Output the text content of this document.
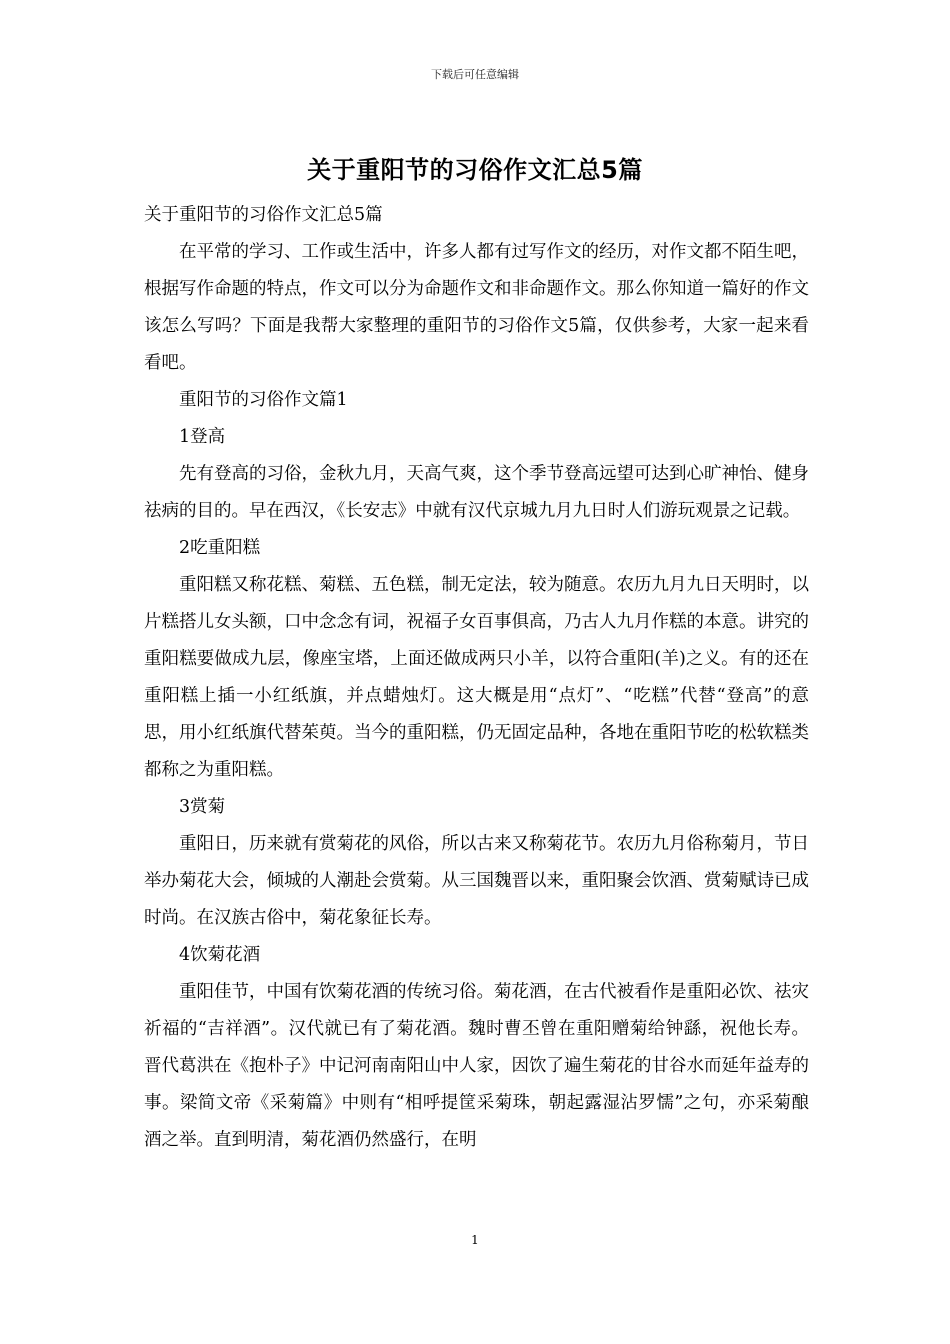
下载后可任意编辑
关于重阳节的习俗作文汇总5篇

关于重阳节的习俗作文汇总5篇

在平常的学习、工作或生活中，许多人都有过写作文的经历，对作文都不陌生吧，根据写作命题的特点，作文可以分为命题作文和非命题作文。那么你知道一篇好的作文该怎么写吗？下面是我帮大家整理的重阳节的习俗作文5篇，仅供参考，大家一起来看看吧。

重阳节的习俗作文篇1

1登高

先有登高的习俗，金秋九月，天高气爽，这个季节登高远望可达到心旷神怡、健身祛病的目的。早在西汉，《长安志》中就有汉代京城九月九日时人们游玩观景之记载。

2吃重阳糕

重阳糕又称花糕、菊糕、五色糕，制无定法，较为随意。农历九月九日天明时，以片糕搭儿女头额，口中念念有词，祝福子女百事俱高，乃古人九月作糕的本意。讲究的重阳糕要做成九层，像座宝塔，上面还做成两只小羊，以符合重阳(羊)之义。有的还在重阳糕上插一小红纸旗，并点蜡烛灯。这大概是用“点灯”、“吃糕”代替“登高”的意思，用小红纸旗代替茱萸。当今的重阳糕，仍无固定品种，各地在重阳节吃的松软糕类都称之为重阳糕。

3赏菊

重阳日，历来就有赏菊花的风俗，所以古来又称菊花节。农历九月俗称菊月，节日举办菊花大会，倾城的人潮赴会赏菊。从三国魏晋以来，重阳聚会饮酒、赏菊赋诗已成时尚。在汉族古俗中，菊花象征长寿。

4饮菊花酒

重阳佳节，中国有饮菊花酒的传统习俗。菊花酒，在古代被看作是重阳必饮、祛灾祈福的“吉祥酒”。汉代就已有了菊花酒。魏时曹丕曾在重阳赠菊给钟繇，祝他长寿。晋代葛洪在《抱朴子》中记河南南阳山中人家，因饮了遍生菊花的甘谷水而延年益寿的事。梁简文帝《采菊篇》中则有“相呼提筐采菊珠，朝起露湿沾罗懦”之句，亦采菊酿酒之举。直到明清，菊花酒仍然盛行，在明

1
